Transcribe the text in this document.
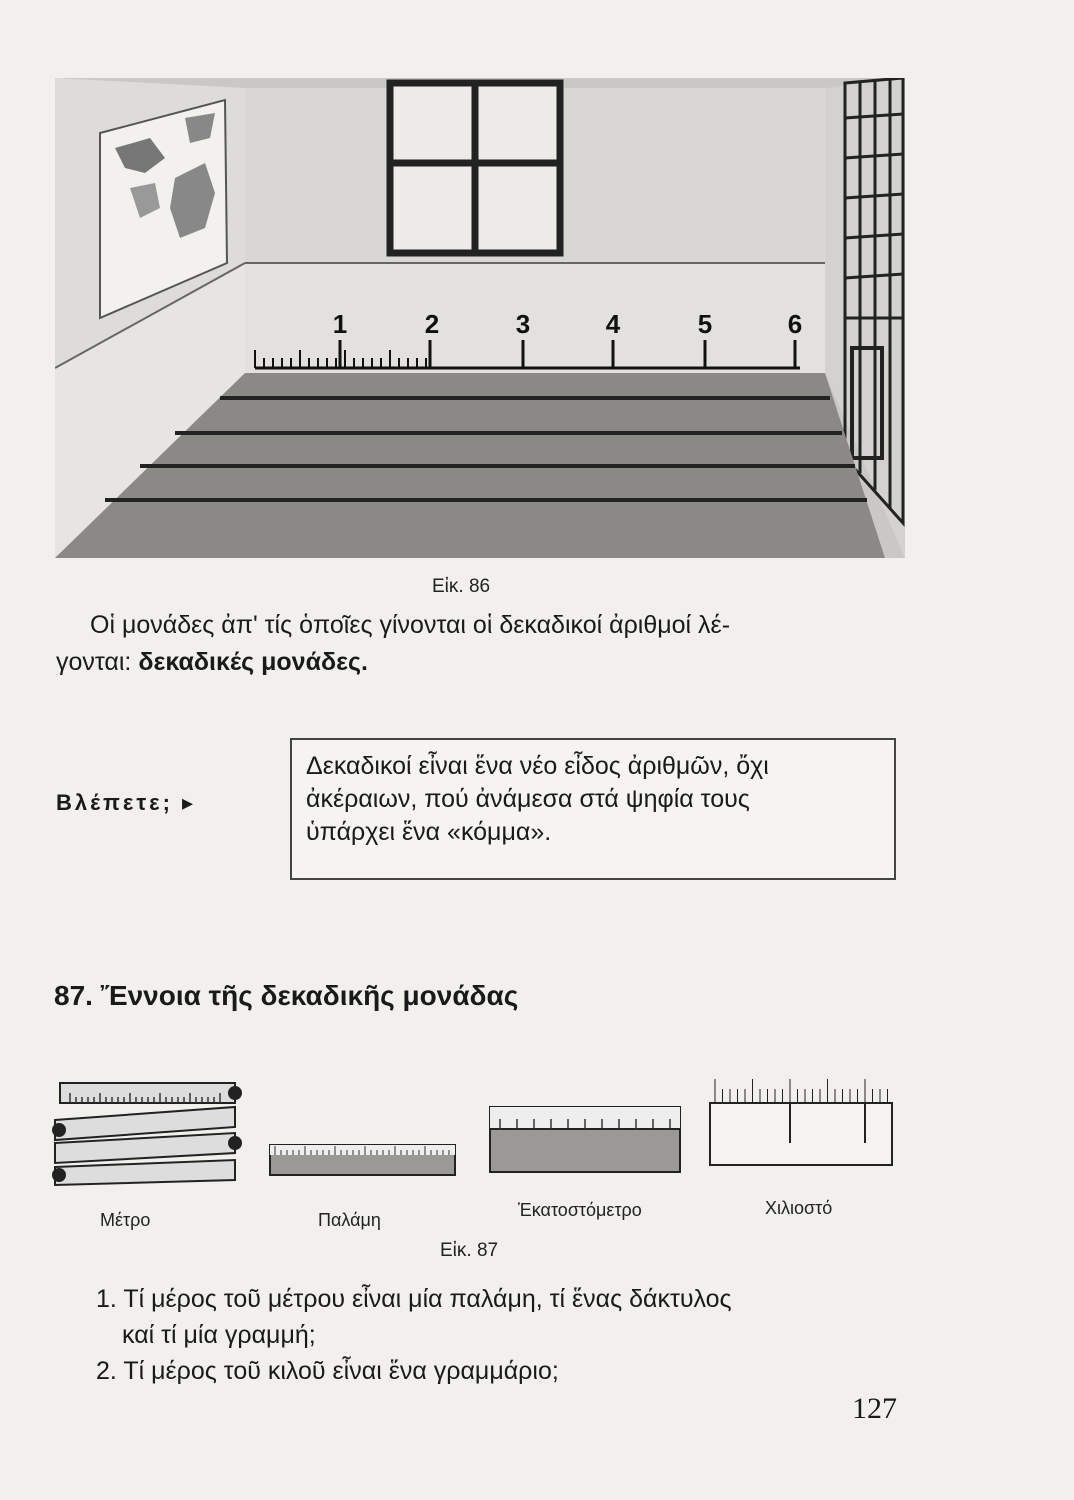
1	2	3	4	5	6
Εἰκ. 86
Οἱ μονάδες ἀπ' τίς ὁποῖες γίνονται οἱ δεκαδικοί ἀριθμοί λέ-
γονται: δεκαδικές μονάδες.
Βλέπετε; ▸
Δεκαδικοί εἶναι ἕνα νέο εἶδος ἀριθμῶν, ὄχι
ἀκέραιων, πού ἀνάμεσα στά ψηφία τους
ὑπάρχει ἕνα «κόμμα».
87. Ἔννοια τῆς δεκαδικῆς μονάδας
Μέτρο	Παλάμη	Ἑκατοστόμετρο	Χιλιοστό
Εἰκ. 87
1. Τί μέρος τοῦ μέτρου εἶναι μία παλάμη, τί ἕνας δάκτυλος
καί τί μία γραμμή;
2. Τί μέρος τοῦ κιλοῦ εἶναι ἕνα γραμμάριο;
127
